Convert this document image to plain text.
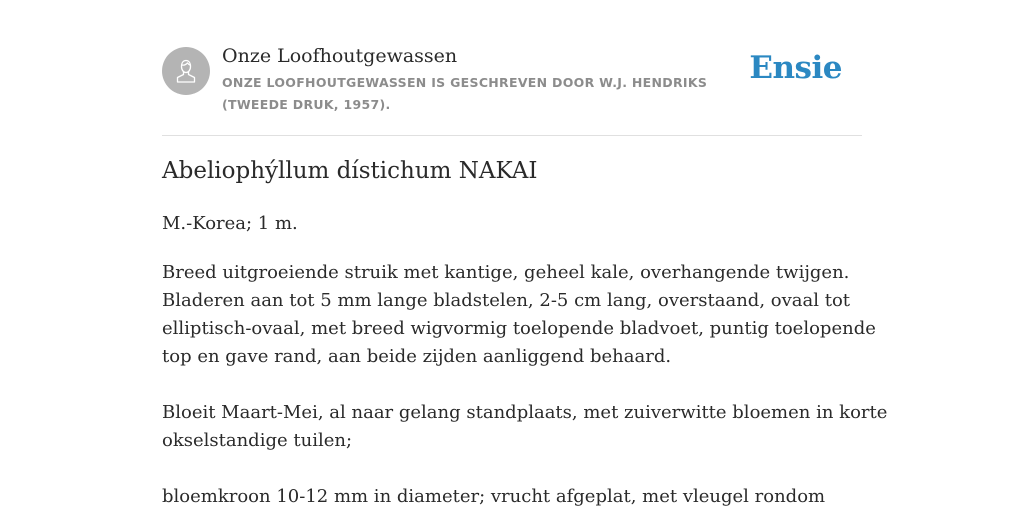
Onze Loofhoutgewassen
ONZE LOOFHOUTGEWASSEN IS GESCHREVEN DOOR W.J. HENDRIKS (TWEEDE DRUK, 1957).
Ensie
Abeliophýllum dístichum NAKAI
M.-Korea; 1 m.
Breed uitgroeiende struik met kantige, geheel kale, overhangende twijgen.
Bladeren aan tot 5 mm lange bladstelen, 2-5 cm lang, overstaand, ovaal tot
elliptisch-ovaal, met breed wigvormig toelopende bladvoet, puntig toelopende
top en gave rand, aan beide zijden aanliggend behaard.
Bloeit Maart-Mei, al naar gelang standplaats, met zuiverwitte bloemen in korte
okselstandige tuilen;
bloemkroon 10-12 mm in diameter; vrucht afgeplat, met vleugel rondom
